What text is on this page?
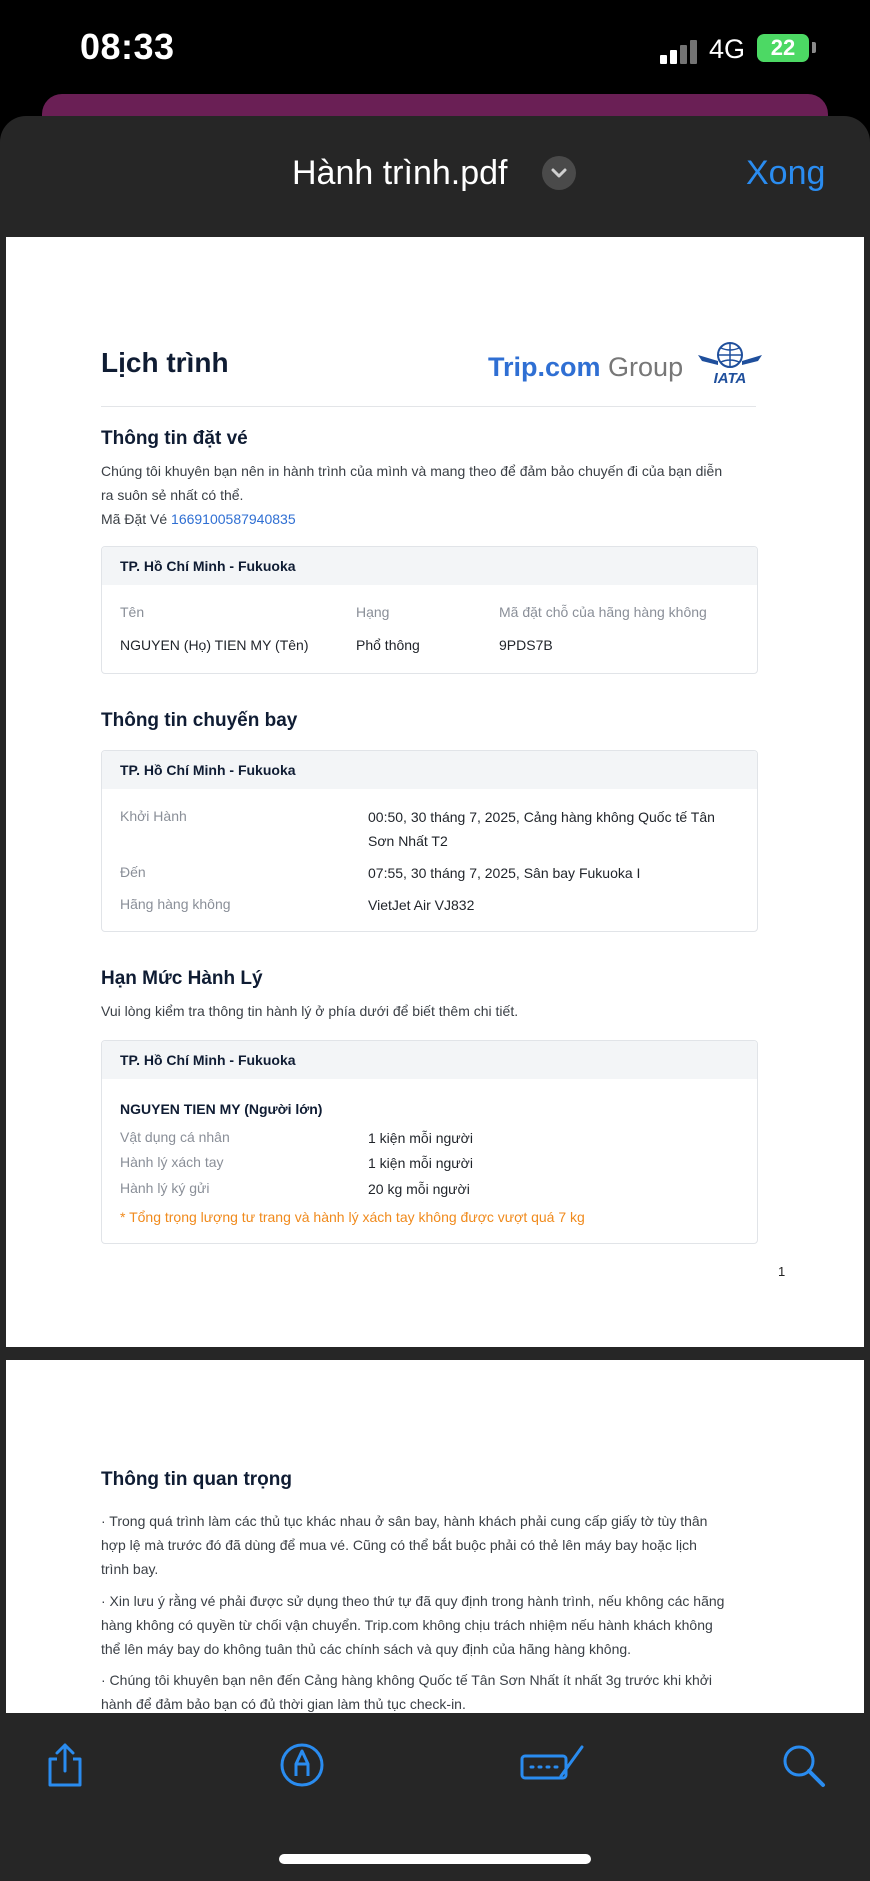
08:33	4G	22
Hành trình.pdf	Xong
Lịch trình	Trip.com Group IATA
Thông tin đặt vé
Chúng tôi khuyên bạn nên in hành trình của mình và mang theo để đảm bảo chuyến đi của bạn diễn
ra suôn sẻ nhất có thể.
Mã Đặt Vé 1669100587940835
TP. Hồ Chí Minh - Fukuoka
Tên	Hạng	Mã đặt chỗ của hãng hàng không
NGUYEN (Họ) TIEN MY (Tên)	Phổ thông	9PDS7B
Thông tin chuyến bay
TP. Hồ Chí Minh - Fukuoka
Khởi Hành	00:50, 30 tháng 7, 2025, Cảng hàng không Quốc tế Tân
Sơn Nhất T2
Đến	07:55, 30 tháng 7, 2025, Sân bay Fukuoka I
Hãng hàng không	VietJet Air VJ832
Hạn Mức Hành Lý
Vui lòng kiểm tra thông tin hành lý ở phía dưới để biết thêm chi tiết.
TP. Hồ Chí Minh - Fukuoka
NGUYEN TIEN MY (Người lớn)
Vật dụng cá nhân	1 kiện mỗi người
Hành lý xách tay	1 kiện mỗi người
Hành lý ký gửi	20 kg mỗi người
* Tổng trọng lượng tư trang và hành lý xách tay không được vượt quá 7 kg
1
Thông tin quan trọng
· Trong quá trình làm các thủ tục khác nhau ở sân bay, hành khách phải cung cấp giấy tờ tùy thân
hợp lệ mà trước đó đã dùng để mua vé. Cũng có thể bắt buộc phải có thẻ lên máy bay hoặc lịch
trình bay.
· Xin lưu ý rằng vé phải được sử dụng theo thứ tự đã quy định trong hành trình, nếu không các hãng
hàng không có quyền từ chối vận chuyển. Trip.com không chịu trách nhiệm nếu hành khách không
thể lên máy bay do không tuân thủ các chính sách và quy định của hãng hàng không.
· Chúng tôi khuyên bạn nên đến Cảng hàng không Quốc tế Tân Sơn Nhất ít nhất 3g trước khi khởi
hành để đảm bảo bạn có đủ thời gian làm thủ tục check-in.
